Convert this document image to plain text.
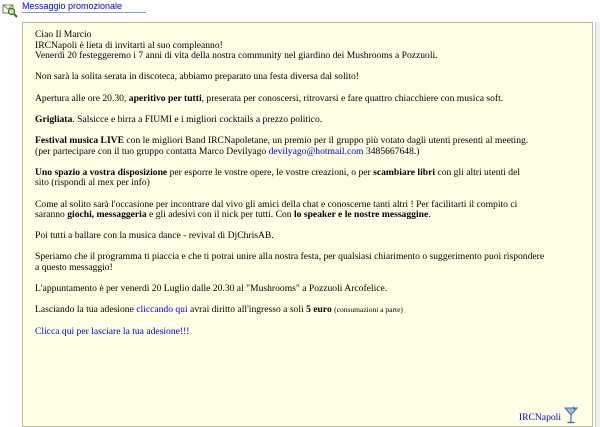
Messaggio promozionale

Ciao Il Marcio
IRCNapoli è lieta di invitarti al suo compleanno!
Venerdì 20 festeggeremo i 7 anni di vita della nostra community nel giardino dei Mushrooms a Pozzuoli.

Non sarà la solita serata in discoteca, abbiamo preparato una festa diversa dal solito!

Apertura alle ore 20.30, aperitivo per tutti, preserata per conoscersi, ritrovarsi e fare quattro chiacchiere con musica soft.

Grigliata. Salsicce e birra a FIUMI e i migliori cocktails a prezzo politico.

Festival musica LIVE con le migliori Band IRCNapoletane, un premio per il gruppo più votato dagli utenti presenti al meeting.
(per partecipare con il tuo gruppo contatta Marco Devilyago devilyago@hotmail.com 3485667648.)

Uno spazio a vostra disposizione per esporre le vostre opere, le vostre creazioni, o per scambiare libri con gli altri utenti del
sito (rispondi al mex per info)

Come al solito sarà l'occasione per incontrare dal vivo gli amici della chat e conoscerne tanti altri ! Per facilitarti il compito ci
saranno giochi, messaggeria e gli adesivi con il nick per tutti. Con lo speaker e le nostre messaggine.

Poi tutti a ballare con la musica dance - revival di DjChrisAB.

Speriamo che il programma ti piaccia e che ti potrai unire alla nostra festa, per qualsiasi chiarimento o suggerimento puoi rispondere
a questo messaggio!

L'appuntamento è per venerdì 20 Luglio dalle 20.30 al "Mushrooms" a Pozzuoli Arcofelice.

Lasciando la tua adesione cliccando qui avrai diritto all'ingresso a soli 5 euro (consumazioni a parte)

Clicca qui per lasciare la tua adesione!!!

IRCNapoli
